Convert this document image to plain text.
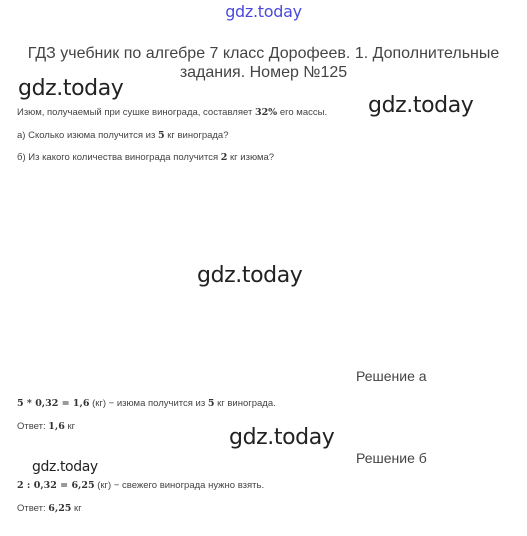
gdz.today
ГДЗ учебник по алгебре 7 класс Дорофеев. 1. Дополнительные задания. Номер №125
gdz.today
gdz.today
gdz.today
gdz.today
gdz.today
Изюм, получаемый при сушке винограда, составляет 32% его массы.
а) Сколько изюма получится из 5 кг винограда?
б) Из какого количества винограда получится 2 кг изюма?
Решение а
5 * 0,32 = 1,6 (кг) − изюма получится из 5 кг винограда.
Ответ: 1,6 кг
Решение б
2 : 0,32 = 6,25 (кг) − свежего винограда нужно взять.
Ответ: 6,25 кг
